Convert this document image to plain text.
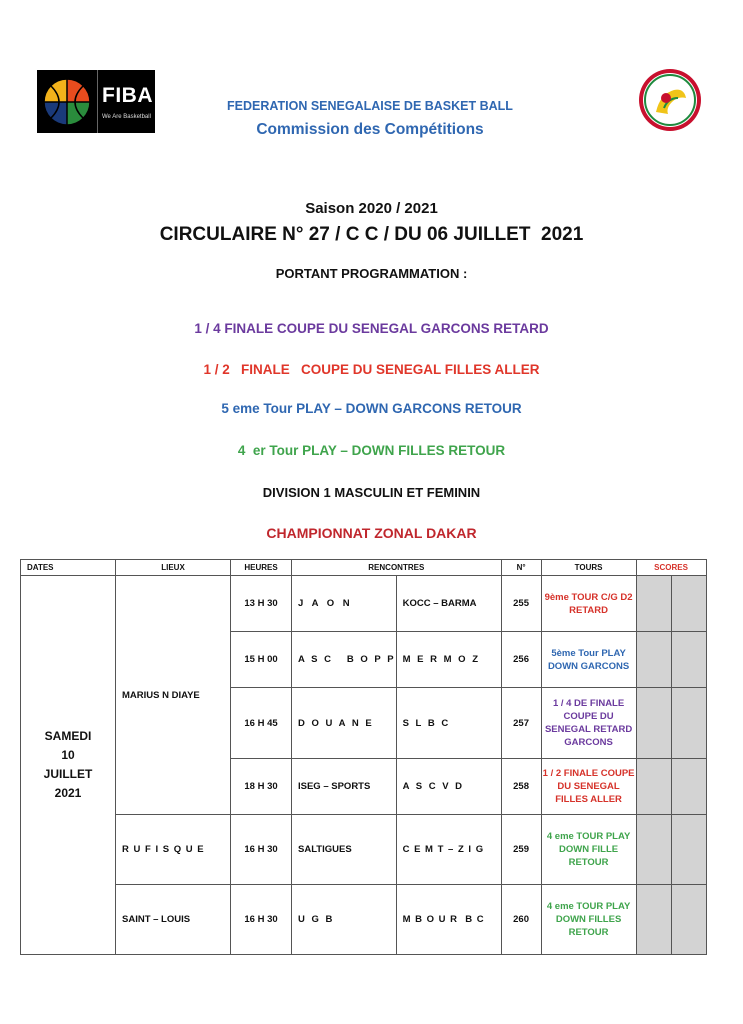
FIBA
We Are Basketball
FEDERATION SENEGALAISE DE BASKET BALL
Commission des Compétitions
Saison 2020 / 2021
CIRCULAIRE N° 27 / C C / DU 06 JUILLET  2021
PORTANT PROGRAMMATION :
1 / 4 FINALE COUPE DU SENEGAL GARCONS RETARD
1 / 2   FINALE   COUPE DU SENEGAL FILLES ALLER
5 eme Tour PLAY – DOWN GARCONS RETOUR
4  er Tour PLAY – DOWN FILLES RETOUR
DIVISION 1 MASCULIN ET FEMININ
CHAMPIONNAT ZONAL DAKAR
DATES	LIEUX	HEURES	RENCONTRES		N°	TOURS	SCORES	
SAMEDI
10
JUILLET
2021	MARIUS N DIAYE	13 H 30	J A O N	KOCC – BARMA	255	9ème TOUR C/G D2 RETARD		
		15 H 00	A S C   B O P P	M E R M O Z	256	5ème Tour PLAY DOWN GARCONS		
		16 H 45	D O U A N E	S L B C	257	1 / 4 DE FINALE COUPE DU SENEGAL RETARD GARCONS		
		18 H 30	ISEG – SPORTS	A S C V D	258	1 / 2 FINALE COUPE DU SENEGAL FILLES ALLER		
	R U F I S Q U E	16 H 30	SALTIGUES	C E M T – Z I G	259	4 eme TOUR PLAY DOWN FILLE RETOUR		
	SAINT – LOUIS	16 H 30	U G B	M B O U R  B C	260	4 eme TOUR PLAY DOWN FILLES RETOUR		
